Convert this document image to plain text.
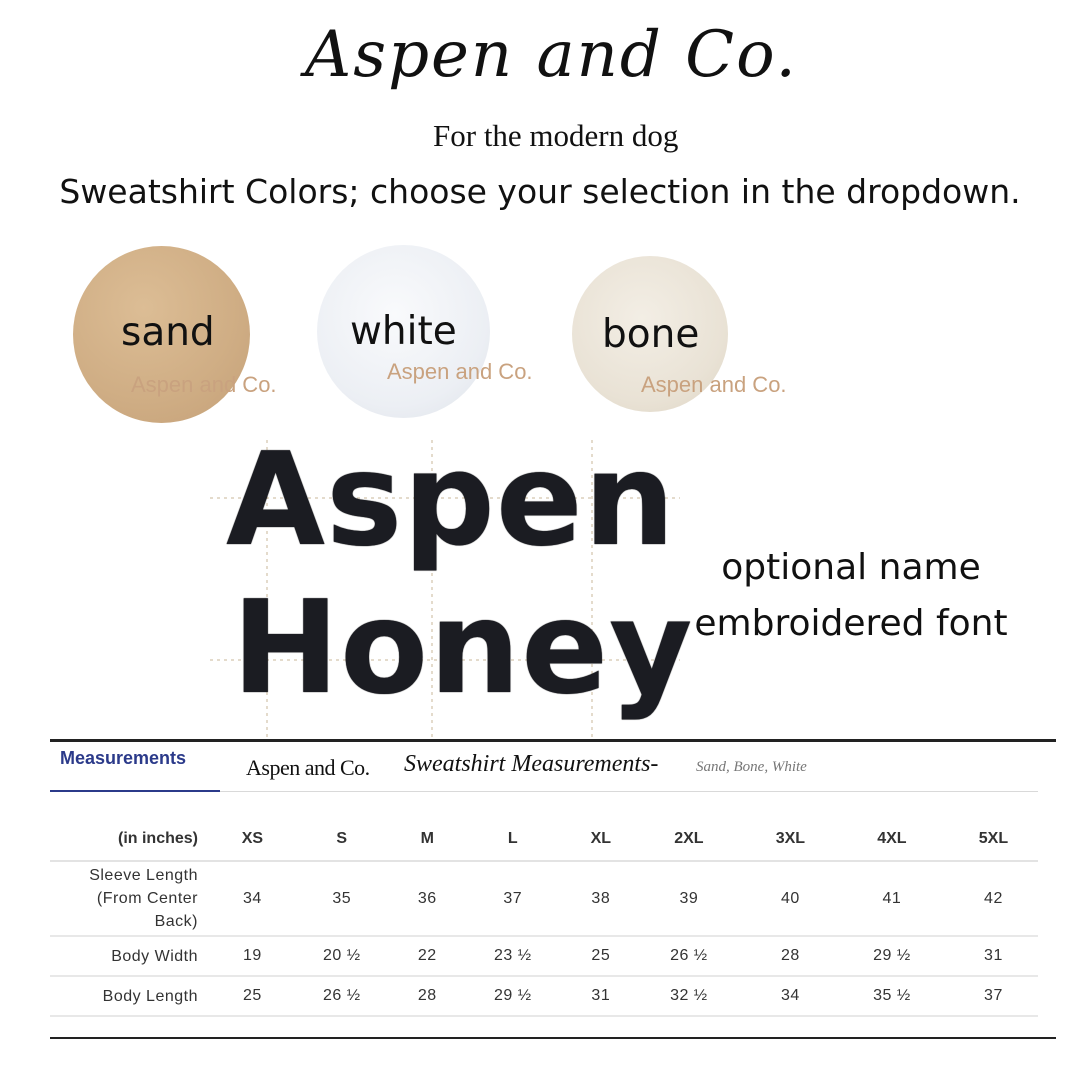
Aspen and Co.
For the modern dog
Sweatshirt Colors; choose your selection in the dropdown.
sand
Aspen and Co.
white
Aspen and Co.
bone
Aspen and Co.
Aspen
Honey
optional name
embroidered font
Measurements	Aspen and Co. Sweatshirt Measurements-	Sand, Bone, White
(in inches)	XS	S	M	L	XL	2XL	3XL	4XL	5XL

Sleeve Length
(From Center
Back)	34	35	36	37	38	39	40	41	42
Body Width	19	20 ½	22	23 ½	25	26 ½	28	29 ½	31
Body Length	25	26 ½	28	29 ½	31	32 ½	34	35 ½	37
